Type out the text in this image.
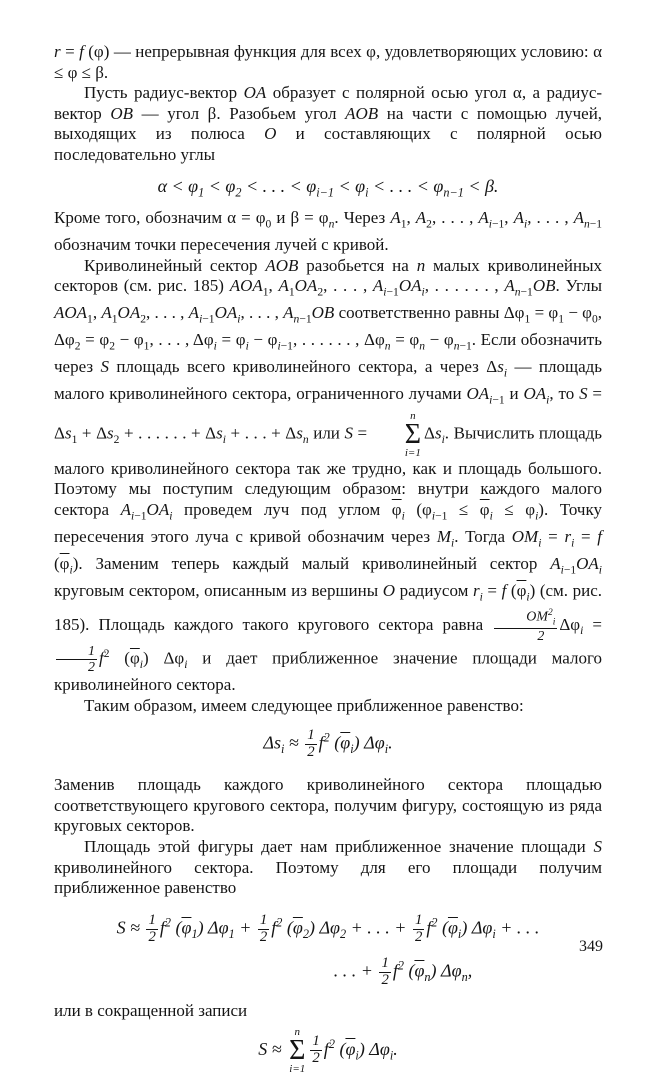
r = f (φ) — непрерывная функция для всех φ, удовлетворяющих условию: α ≤ φ ≤ β.

Пусть радиус-вектор OA образует с полярной осью угол α, а радиус-вектор OB — угол β. Разобьем угол AOB на части с помощью лучей, выходящих из полюса O и составляющих с полярной осью последовательно углы

$\alpha < \varphi_1 < \varphi_2$ < . . . < $\varphi_{i-1} < \varphi_i$ < . . . < $\varphi_{n-1} < \beta$.

Кроме того, обозначим $\alpha = \varphi_0$ и $\beta = \varphi_n$. Через $A_1$, $A_2$, . . . , $A_{i-1}$, $A_i$, . . . , $A_{n-1}$ обозначим точки пересечения лучей с кривой.

Криволинейный сектор AOB разобьется на n малых криволинейных секторов (см. рис. 185) $AOA_1$, $A_1OA_2$, . . . , $A_{i-1}OA_i$, . . . . . . , $A_{n-1}OB$. Углы $AOA_1$, $A_1OA_2$, . . . , $A_{i-1}OA_i$, . . . , $A_{n-1}OB$ соответственно равны $\Delta\varphi_1 = \varphi_1 - \varphi_0$, $\Delta\varphi_2 = \varphi_2 - \varphi_1$, . . . , $\Delta\varphi_i = \varphi_i - \varphi_{i-1}$, . . . . . . , $\Delta\varphi_n = \varphi_n - \varphi_{n-1}$. Если обозначить через S площадь всего криволинейного сектора, а через $\Delta s_i$ — площадь малого криволинейного сектора, ограниченного лучами $OA_{i-1}$ и $OA_i$, то $S = \Delta s_1 + \Delta s_2$ + . . . . . . + $\Delta s_i$ + . . . + $\Delta s_n$ или S =
n
Σ
i=1
$\Delta s_i$. Вычислить площадь малого криволинейного сектора так же трудно, как и площадь большого. Поэтому мы поступим следующим образом: внутри каждого малого сектора $A_{i-1}OA_i$ проведем луч под углом $\overline{\varphi}_i$ $(\varphi_{i-1} \le \overline{\varphi}_i \le \varphi_i)$. Точку пересечения этого луча с кривой обозначим через $M_i$. Тогда $OM_i = r_i = f$ $(\overline{\varphi}_i)$. Заменим теперь каждый малый криволинейный сектор $A_{i-1}OA_i$ круговым сектором, описанным из вершины O радиусом $r_i = f$ $(\overline{\varphi}_i)$ (см. рис. 185). Площадь каждого такого кругового сектора равна $\frac{OM^2_i}{2} \Delta\varphi_i$ =
$\frac{1}{2} f^2$ $(\overline{\varphi}_i)$ $\Delta\varphi_i$ и дает приближенное значение площади малого криволинейного сектора.

Таким образом, имеем следующее приближенное равенство:

$\Delta s_i \approx \frac{1}{2} f^2$ $(\overline{\varphi}_i)$ $\Delta\varphi_i$.

Заменив площадь каждого криволинейного сектора площадью соответствующего кругового сектора, получим фигуру, состоящую из ряда круговых секторов.

Площадь этой фигуры дает нам приближенное значение площади S криволинейного сектора. Поэтому для его площади получим приближенное равенство

$S \approx \frac{1}{2} f^2$ $(\overline{\varphi}_1) \Delta\varphi_1 + \frac{1}{2} f^2$ $(\overline{\varphi}_2) \Delta\varphi_2$ + . . . + $\frac{1}{2} f^2$ $(\overline{\varphi}_i) \Delta\varphi_i$ + . . .

. . . + $\frac{1}{2} f^2$ $(\overline{\varphi}_n)$ $\Delta\varphi_n$,

или в сокращенной записи

S ≈
n
Σ
i=1
$\frac{1}{2} f^2$ $(\overline{\varphi}_i)$ $\Delta\varphi_i$.

349
